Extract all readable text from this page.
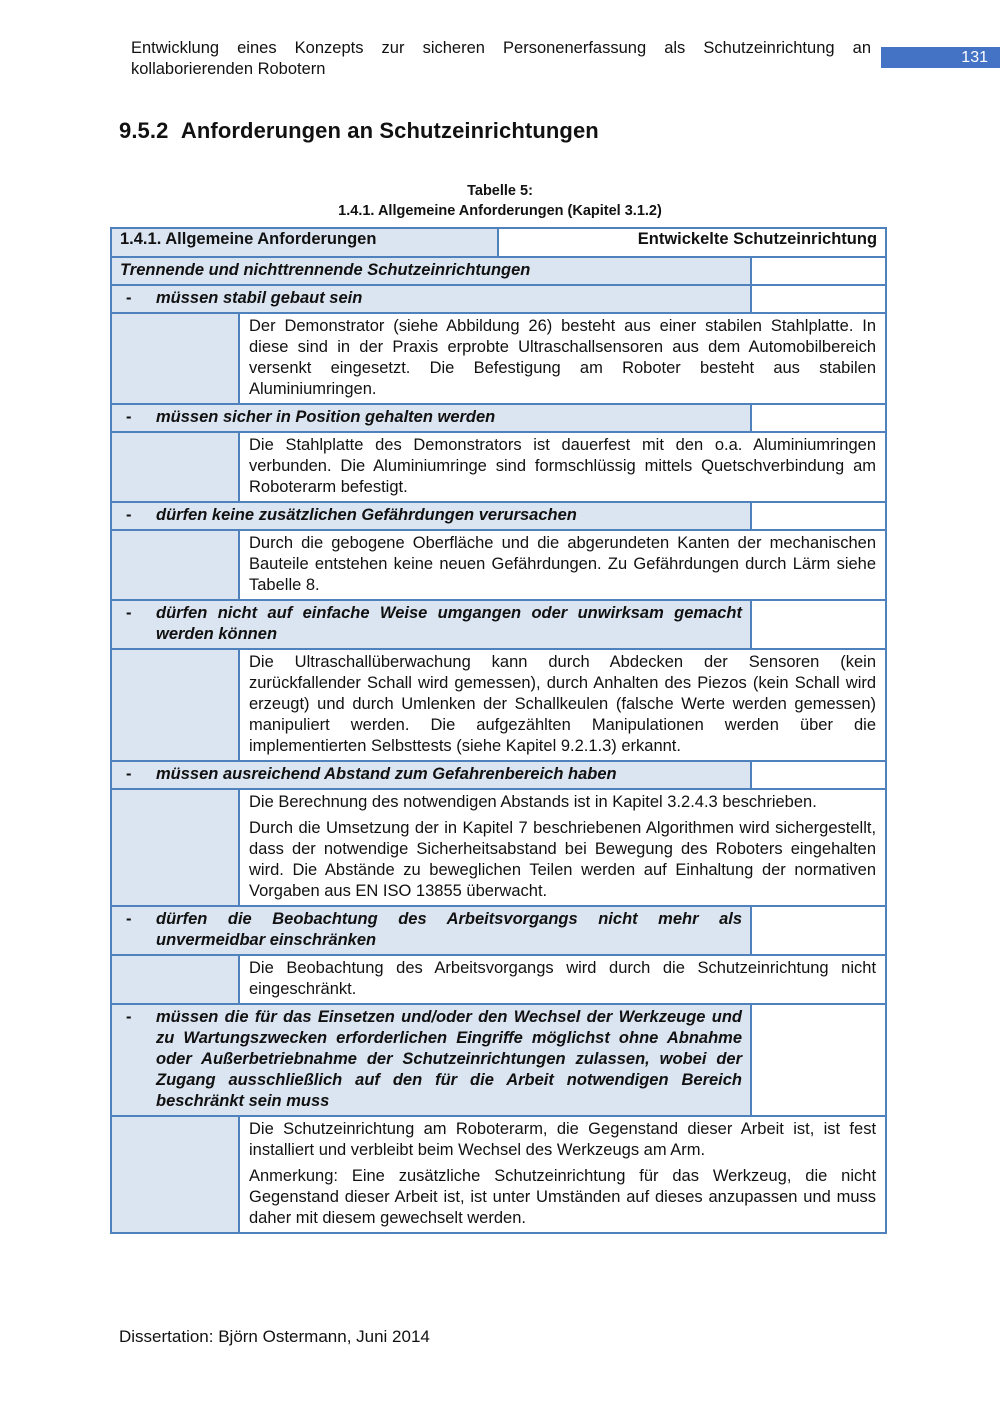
Entwicklung eines Konzepts zur sicheren Personenerfassung als Schutzeinrichtung an kollaborierenden Robotern
131
9.5.2 Anforderungen an Schutzeinrichtungen
Tabelle 5:
1.4.1. Allgemeine Anforderungen (Kapitel 3.1.2)
1.4.1. Allgemeine Anforderungen		Entwickelte Schutzeinrichtung	
Trennende und nichttrennende Schutzeinrichtungen			

- müssen stabil gebaut sein			

	Der Demonstrator (siehe Abbildung 26) besteht aus einer stabilen Stahlplatte. In diese sind in der Praxis erprobte Ultraschallsensoren aus dem Automobilbereich versenkt eingesetzt. Die Befestigung am Roboter besteht aus stabilen Aluminiumringen.		

- müssen sicher in Position gehalten werden			

	Die Stahlplatte des Demonstrators ist dauerfest mit den o.a. Aluminiumringen verbunden. Die Aluminiumringe sind formschlüssig mittels Quetschverbindung am Roboterarm befestigt.		

- dürfen keine zusätzlichen Gefährdungen verursachen			

	Durch die gebogene Oberfläche und die abgerundeten Kanten der mechanischen Bauteile entstehen keine neuen Gefährdungen. Zu Gefährdungen durch Lärm siehe Tabelle 8.		

- dürfen nicht auf einfache Weise umgangen oder unwirksam gemacht werden können			

	Die Ultraschallüberwachung kann durch Abdecken der Sensoren (kein zurückfallender Schall wird gemessen), durch Anhalten des Piezos (kein Schall wird erzeugt) und durch Umlenken der Schallkeulen (falsche Werte werden gemessen) manipuliert werden. Die aufgezählten Manipulationen werden über die implementierten Selbsttests (siehe Kapitel 9.2.1.3) erkannt.		

- müssen ausreichend Abstand zum Gefahrenbereich haben			

	Die Berechnung des notwendigen Abstands ist in Kapitel 3.2.4.3 beschrieben.

Durch die Umsetzung der in Kapitel 7 beschriebenen Algorithmen wird sichergestellt, dass der notwendige Sicherheitsabstand bei Bewegung des Roboters eingehalten wird. Die Abstände zu beweglichen Teilen werden auf Einhaltung der normativen Vorgaben aus EN ISO 13855 überwacht.		

- dürfen die Beobachtung des Arbeitsvorgangs nicht mehr als unvermeidbar einschränken			

	Die Beobachtung des Arbeitsvorgangs wird durch die Schutzeinrichtung nicht eingeschränkt.		

- müssen die für das Einsetzen und/oder den Wechsel der Werkzeuge und zu Wartungszwecken erforderlichen Eingriffe möglichst ohne Abnahme oder Außerbetriebnahme der Schutzeinrichtungen zulassen, wobei der Zugang ausschließlich auf den für die Arbeit notwendigen Bereich beschränkt sein muss			

	Die Schutzeinrichtung am Roboterarm, die Gegenstand dieser Arbeit ist, ist fest installiert und verbleibt beim Wechsel des Werkzeugs am Arm.

Anmerkung: Eine zusätzliche Schutzeinrichtung für das Werkzeug, die nicht Gegenstand dieser Arbeit ist, ist unter Umständen auf dieses anzupassen und muss daher mit diesem gewechselt werden.		

Dissertation: Björn Ostermann, Juni 2014
